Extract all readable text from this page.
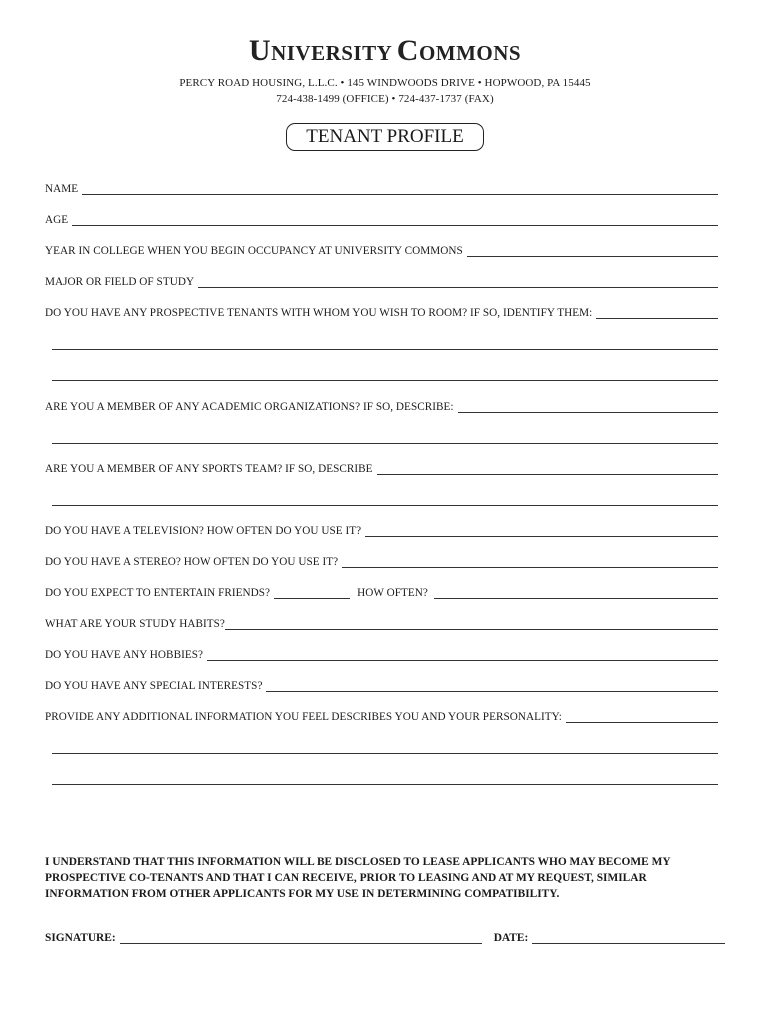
UNIVERSITY COMMONS
PERCY ROAD HOUSING, L.L.C. • 145 WINDWOODS DRIVE • HOPWOOD, PA 15445
724-438-1499 (OFFICE) • 724-437-1737 (FAX)
TENANT PROFILE
NAME
AGE
YEAR IN COLLEGE WHEN YOU BEGIN OCCUPANCY AT UNIVERSITY COMMONS
MAJOR OR FIELD OF STUDY
DO YOU HAVE ANY PROSPECTIVE TENANTS WITH WHOM YOU WISH TO ROOM? IF SO, IDENTIFY THEM:
ARE YOU A MEMBER OF ANY ACADEMIC ORGANIZATIONS? IF SO, DESCRIBE:
ARE YOU A MEMBER OF ANY SPORTS TEAM? IF SO, DESCRIBE
DO YOU HAVE A TELEVISION? HOW OFTEN DO YOU USE IT?
DO YOU HAVE A STEREO? HOW OFTEN DO YOU USE IT?
DO YOU EXPECT TO ENTERTAIN FRIENDS?	HOW OFTEN?
WHAT ARE YOUR STUDY HABITS?
DO YOU HAVE ANY HOBBIES?
DO YOU HAVE ANY SPECIAL INTERESTS?
PROVIDE ANY ADDITIONAL INFORMATION YOU FEEL DESCRIBES YOU AND YOUR PERSONALITY:
I UNDERSTAND THAT THIS INFORMATION WILL BE DISCLOSED TO LEASE APPLICANTS WHO MAY BECOME MY PROSPECTIVE CO-TENANTS AND THAT I CAN RECEIVE, PRIOR TO LEASING AND AT MY REQUEST, SIMILAR INFORMATION FROM OTHER APPLICANTS FOR MY USE IN DETERMINING COMPATIBILITY.
SIGNATURE:	DATE:
